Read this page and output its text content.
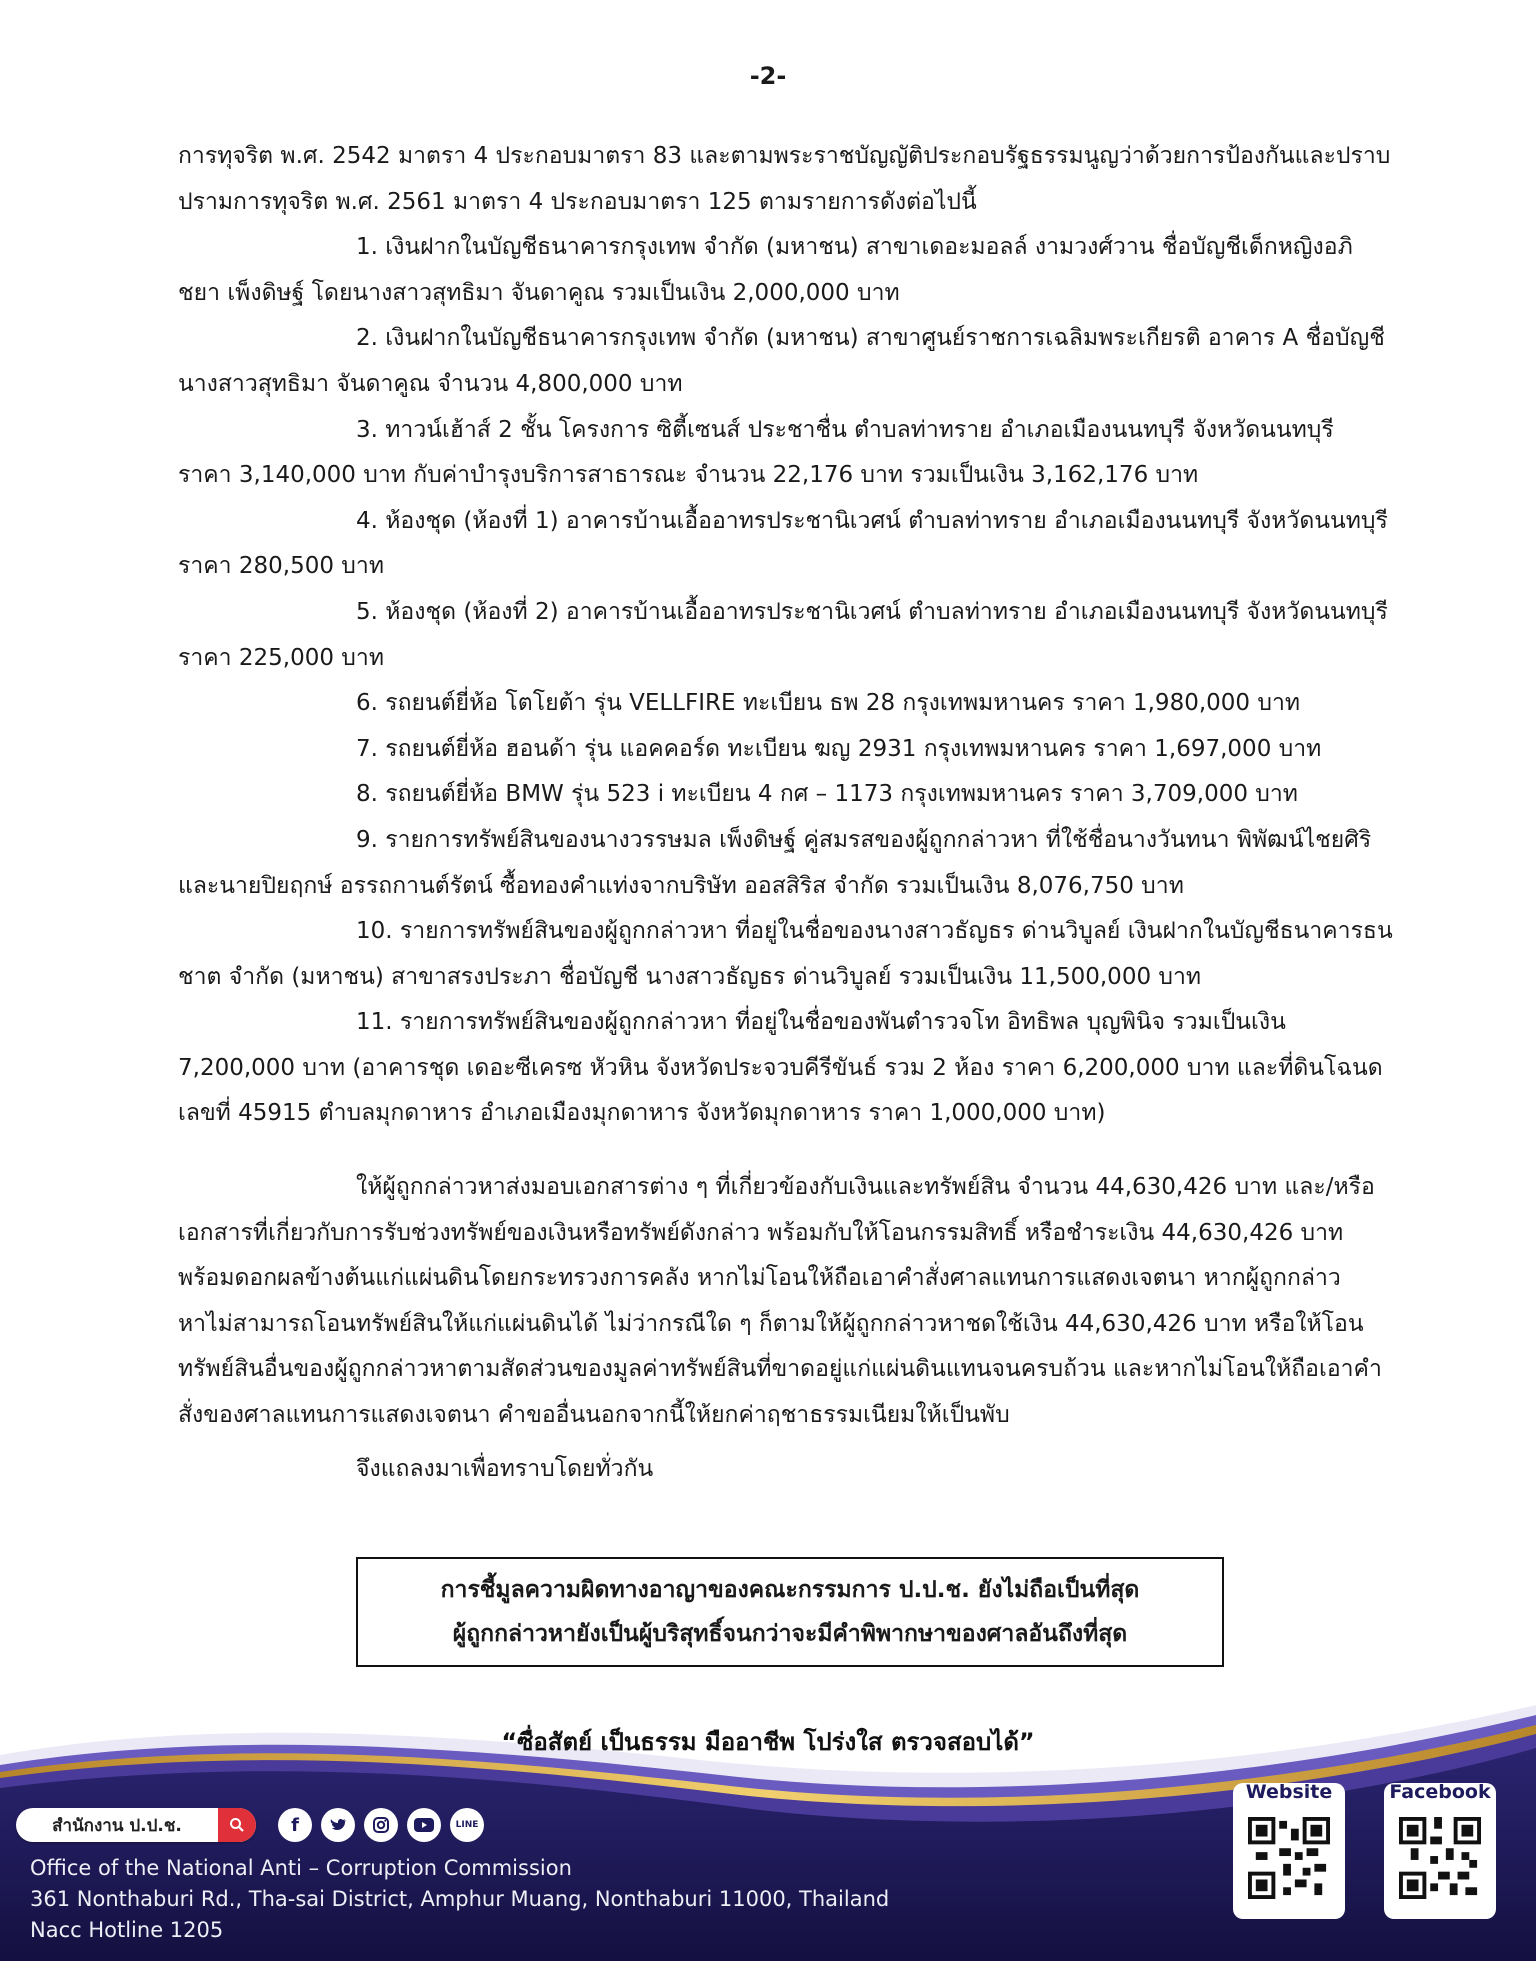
-2-

การทุจริต พ.ศ. 2542 มาตรา 4 ประกอบมาตรา 83 และตามพระราชบัญญัติประกอบรัฐธรรมนูญว่าด้วยการป้องกันและปราบปรามการทุจริต พ.ศ. 2561 มาตรา 4 ประกอบมาตรา 125 ตามรายการดังต่อไปนี้

1. เงินฝากในบัญชีธนาคารกรุงเทพ จำกัด (มหาชน) สาขาเดอะมอลล์ งามวงศ์วาน ชื่อบัญชีเด็กหญิงอภิชยา เพ็งดิษฐ์ โดยนางสาวสุทธิมา จันดาคูณ รวมเป็นเงิน 2,000,000 บาท

2. เงินฝากในบัญชีธนาคารกรุงเทพ จำกัด (มหาชน) สาขาศูนย์ราชการเฉลิมพระเกียรติ อาคาร A ชื่อบัญชี นางสาวสุทธิมา จันดาคูณ จำนวน 4,800,000 บาท

3. ทาวน์เฮ้าส์ 2 ชั้น โครงการ ซิตี้เซนส์ ประชาชื่น ตำบลท่าทราย อำเภอเมืองนนทบุรี จังหวัดนนทบุรี ราคา 3,140,000 บาท กับค่าบำรุงบริการสาธารณะ จำนวน 22,176 บาท รวมเป็นเงิน 3,162,176 บาท

4. ห้องชุด (ห้องที่ 1) อาคารบ้านเอื้ออาทรประชานิเวศน์ ตำบลท่าทราย อำเภอเมืองนนทบุรี จังหวัดนนทบุรี ราคา 280,500 บาท

5. ห้องชุด (ห้องที่ 2) อาคารบ้านเอื้ออาทรประชานิเวศน์ ตำบลท่าทราย อำเภอเมืองนนทบุรี จังหวัดนนทบุรี ราคา 225,000 บาท

6. รถยนต์ยี่ห้อ โตโยต้า รุ่น VELLFIRE ทะเบียน ธพ 28 กรุงเทพมหานคร ราคา 1,980,000 บาท

7. รถยนต์ยี่ห้อ ฮอนด้า รุ่น แอคคอร์ด ทะเบียน ฆญ 2931 กรุงเทพมหานคร ราคา 1,697,000 บาท

8. รถยนต์ยี่ห้อ BMW รุ่น 523 i ทะเบียน 4 กศ – 1173 กรุงเทพมหานคร ราคา 3,709,000 บาท

9. รายการทรัพย์สินของนางวรรษมล เพ็งดิษฐ์ คู่สมรสของผู้ถูกกล่าวหา ที่ใช้ชื่อนางวันทนา พิพัฒน์ไชยศิริ และนายปิยฤกษ์ อรรถกานต์รัตน์ ซื้อทองคำแท่งจากบริษัท ออสสิริส จำกัด รวมเป็นเงิน 8,076,750 บาท

10. รายการทรัพย์สินของผู้ถูกกล่าวหา ที่อยู่ในชื่อของนางสาวธัญธร ด่านวิบูลย์ เงินฝากในบัญชีธนาคารธนชาต จำกัด (มหาชน) สาขาสรงประภา ชื่อบัญชี นางสาวธัญธร ด่านวิบูลย์ รวมเป็นเงิน 11,500,000 บาท

11. รายการทรัพย์สินของผู้ถูกกล่าวหา ที่อยู่ในชื่อของพันตำรวจโท อิทธิพล บุญพินิจ รวมเป็นเงิน 7,200,000 บาท (อาคารชุด เดอะซีเครซ หัวหิน จังหวัดประจวบคีรีขันธ์ รวม 2 ห้อง ราคา 6,200,000 บาท และที่ดินโฉนดเลขที่ 45915 ตำบลมุกดาหาร อำเภอเมืองมุกดาหาร จังหวัดมุกดาหาร ราคา 1,000,000 บาท)

ให้ผู้ถูกกล่าวหาส่งมอบเอกสารต่าง ๆ ที่เกี่ยวข้องกับเงินและทรัพย์สิน จำนวน 44,630,426 บาท และ/หรือเอกสารที่เกี่ยวกับการรับช่วงทรัพย์ของเงินหรือทรัพย์ดังกล่าว พร้อมกับให้โอนกรรมสิทธิ์ หรือชำระเงิน 44,630,426 บาท พร้อมดอกผลข้างต้นแก่แผ่นดินโดยกระทรวงการคลัง หากไม่โอนให้ถือเอาคำสั่งศาลแทนการแสดงเจตนา หากผู้ถูกกล่าวหาไม่สามารถโอนทรัพย์สินให้แก่แผ่นดินได้ ไม่ว่ากรณีใด ๆ ก็ตามให้ผู้ถูกกล่าวหาชดใช้เงิน 44,630,426 บาท หรือให้โอนทรัพย์สินอื่นของผู้ถูกกล่าวหาตามสัดส่วนของมูลค่าทรัพย์สินที่ขาดอยู่แก่แผ่นดินแทนจนครบถ้วน และหากไม่โอนให้ถือเอาคำสั่งของศาลแทนการแสดงเจตนา คำขออื่นนอกจากนี้ให้ยกค่าฤชาธรรมเนียมให้เป็นพับ

จึงแถลงมาเพื่อทราบโดยทั่วกัน

การชี้มูลความผิดทางอาญาของคณะกรรมการ ป.ป.ช. ยังไม่ถือเป็นที่สุด
ผู้ถูกกล่าวหายังเป็นผู้บริสุทธิ์จนกว่าจะมีคำพิพากษาของศาลอันถึงที่สุด
“ซื่อสัตย์ เป็นธรรม มืออาชีพ โปร่งใส ตรวจสอบได้”
สำนักงาน ป.ป.ช.	f	LINE
Office of the National Anti – Corruption Commission
361 Nonthaburi Rd., Tha-sai District, Amphur Muang, Nonthaburi 11000, Thailand
Nacc Hotline 1205
Website	Facebook
